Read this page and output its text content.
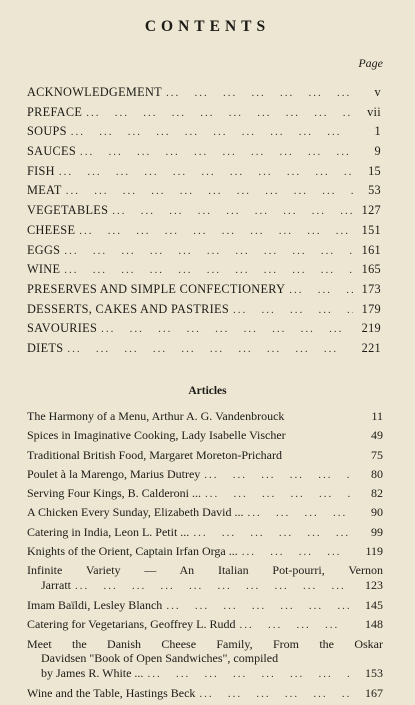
CONTENTS
Page
ACKNOWLEDGEMENT ...	v
PREFACE ...	vii
SOUPS ...	1
SAUCES ...	9
FISH ...	15
MEAT ...	53
VEGETABLES ...	127
CHEESE ...	151
EGGS ...	161
WINE ...	165
PRESERVES AND SIMPLE CONFECTIONERY ...	173
DESSERTS, CAKES AND PASTRIES ...	179
SAVOURIES ...	219
DIETS ...	221
Articles
The Harmony of a Menu, Arthur A. G. Vandenbrouck	11
Spices in Imaginative Cooking, Lady Isabelle Vischer	49
Traditional British Food, Margaret Moreton-Prichard	75
Poulet à la Marengo, Marius Dutrey ...	80
Serving Four Kings, B. Calderoni ... ...	82
A Chicken Every Sunday, Elizabeth David ... ...	90
Catering in India, Leon L. Petit ... ...	99
Knights of the Orient, Captain Irfan Orga ... ...	119
Infinite Variety — An Italian Pot-pourri, Vernon
Jarratt ...	123
Imam Baïldi, Lesley Blanch ...	145
Catering for Vegetarians, Geoffrey L. Rudd ...	148
Meet the Danish Cheese Family, From the Oskar
Davidsen "Book of Open Sandwiches", compiled
by James R. White ... ...	153
Wine and the Table, Hastings Beck ...	167
